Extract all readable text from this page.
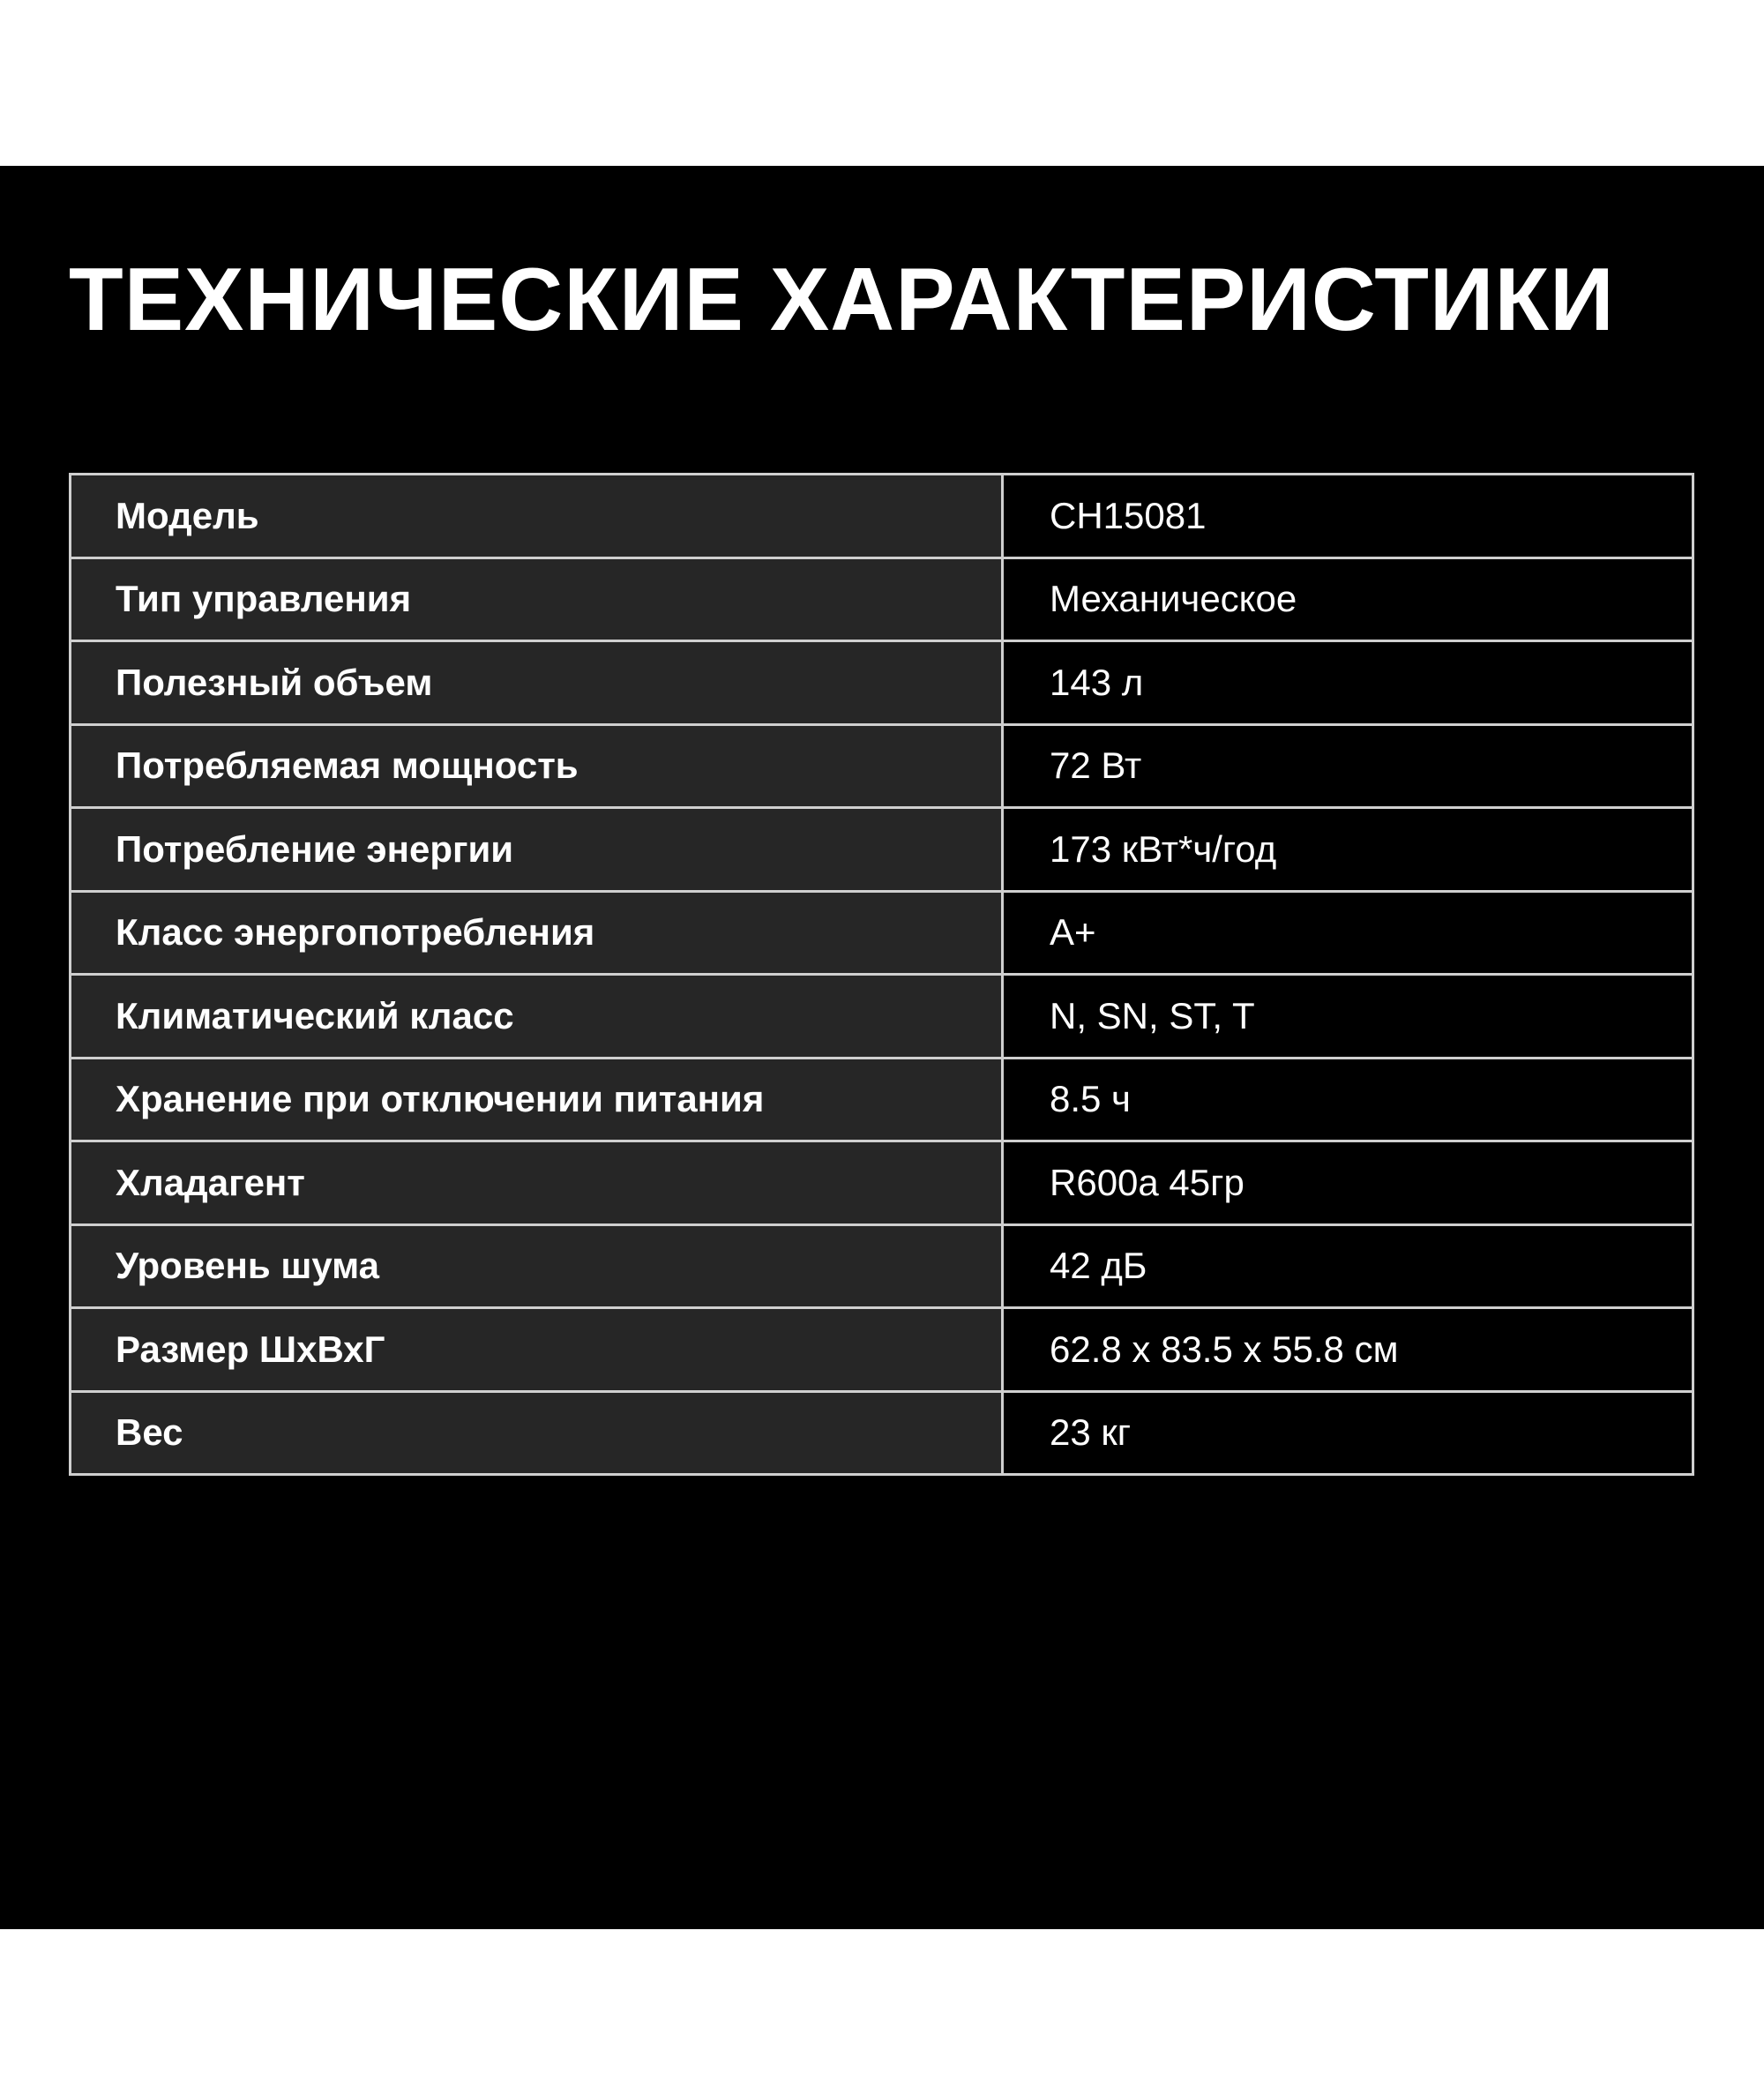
ТЕХНИЧЕСКИЕ ХАРАКТЕРИСТИКИ
Модель	CH15081
Тип управления	Механическое
Полезный объем	143 л
Потребляемая мощность	72 Вт
Потребление энергии	173 кВт*ч/год
Класс энергопотребления	A+
Климатический класс	N, SN, ST, T
Хранение при отключении питания	8.5 ч
Хладагент	R600a 45гр
Уровень шума	42 дБ
Размер ШхВхГ	62.8 x 83.5 x 55.8 см
Вес	23 кг
